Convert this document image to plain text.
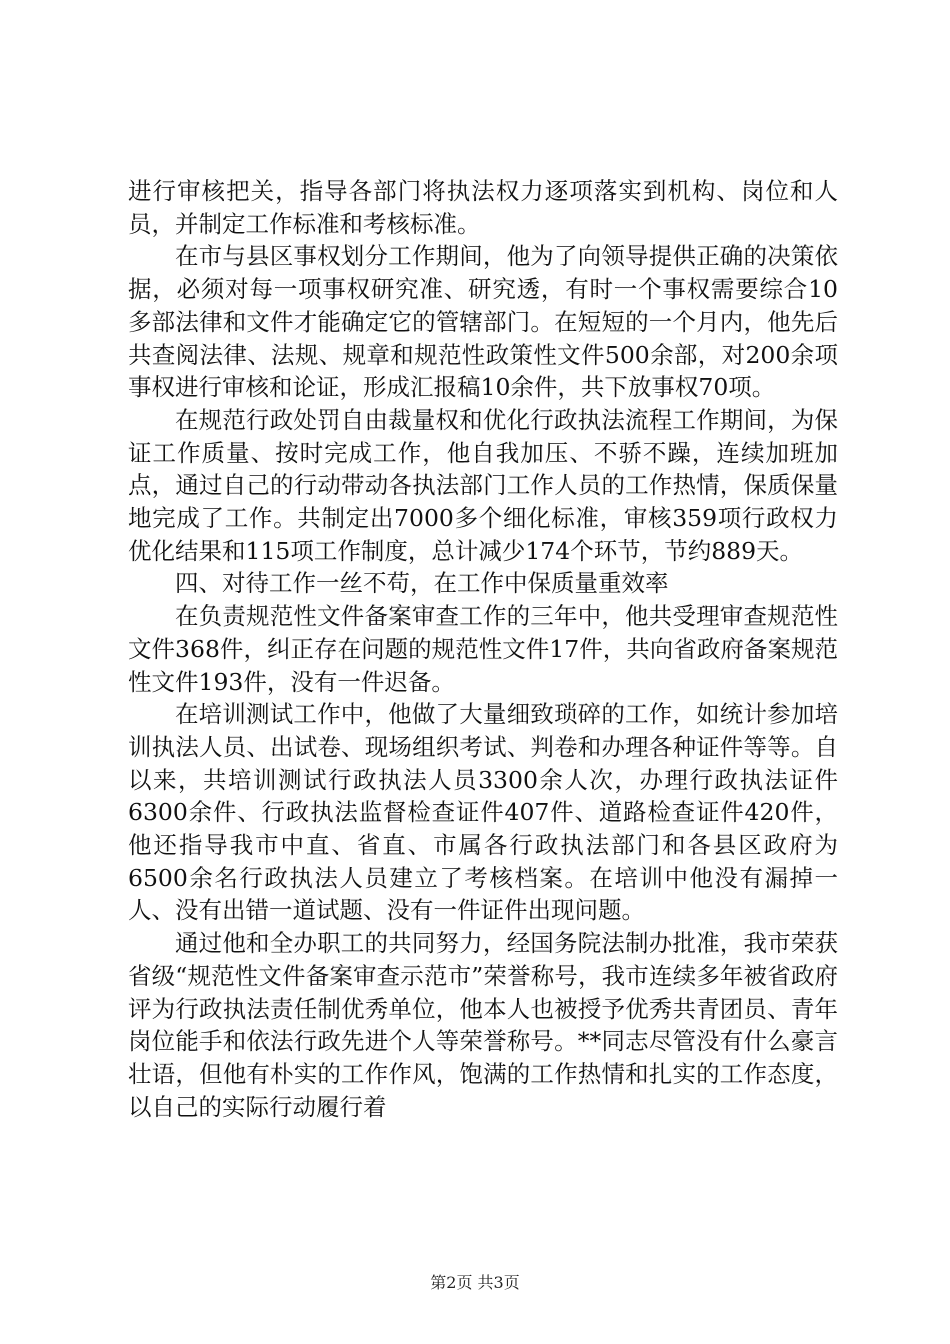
进行审核把关，指导各部门将执法权力逐项落实到机构、岗位和人员，并制定工作标准和考核标准。

在市与县区事权划分工作期间，他为了向领导提供正确的决策依据，必须对每一项事权研究准、研究透，有时一个事权需要综合10多部法律和文件才能确定它的管辖部门。在短短的一个月内，他先后共查阅法律、法规、规章和规范性政策性文件500余部，对200余项事权进行审核和论证，形成汇报稿10余件，共下放事权70项。

在规范行政处罚自由裁量权和优化行政执法流程工作期间，为保证工作质量、按时完成工作，他自我加压、不骄不躁，连续加班加点，通过自己的行动带动各执法部门工作人员的工作热情，保质保量地完成了工作。共制定出7000多个细化标准，审核359项行政权力优化结果和115项工作制度，总计减少174个环节，节约889天。

四、对待工作一丝不苟，在工作中保质量重效率

在负责规范性文件备案审查工作的三年中，他共受理审查规范性文件368件，纠正存在问题的规范性文件17件，共向省政府备案规范性文件193件，没有一件迟备。

在培训测试工作中，他做了大量细致琐碎的工作，如统计参加培训执法人员、出试卷、现场组织考试、判卷和办理各种证件等等。自以来，共培训测试行政执法人员3300余人次，办理行政执法证件6300余件、行政执法监督检查证件407件、道路检查证件420件，他还指导我市中直、省直、市属各行政执法部门和各县区政府为6500余名行政执法人员建立了考核档案。在培训中他没有漏掉一人、没有出错一道试题、没有一件证件出现问题。

通过他和全办职工的共同努力，经国务院法制办批准，我市荣获省级“规范性文件备案审查示范市”荣誉称号，我市连续多年被省政府评为行政执法责任制优秀单位，他本人也被授予优秀共青团员、青年岗位能手和依法行政先进个人等荣誉称号。**同志尽管没有什么豪言壮语，但他有朴实的工作作风，饱满的工作热情和扎实的工作态度，以自己的实际行动履行着

第2页 共3页
